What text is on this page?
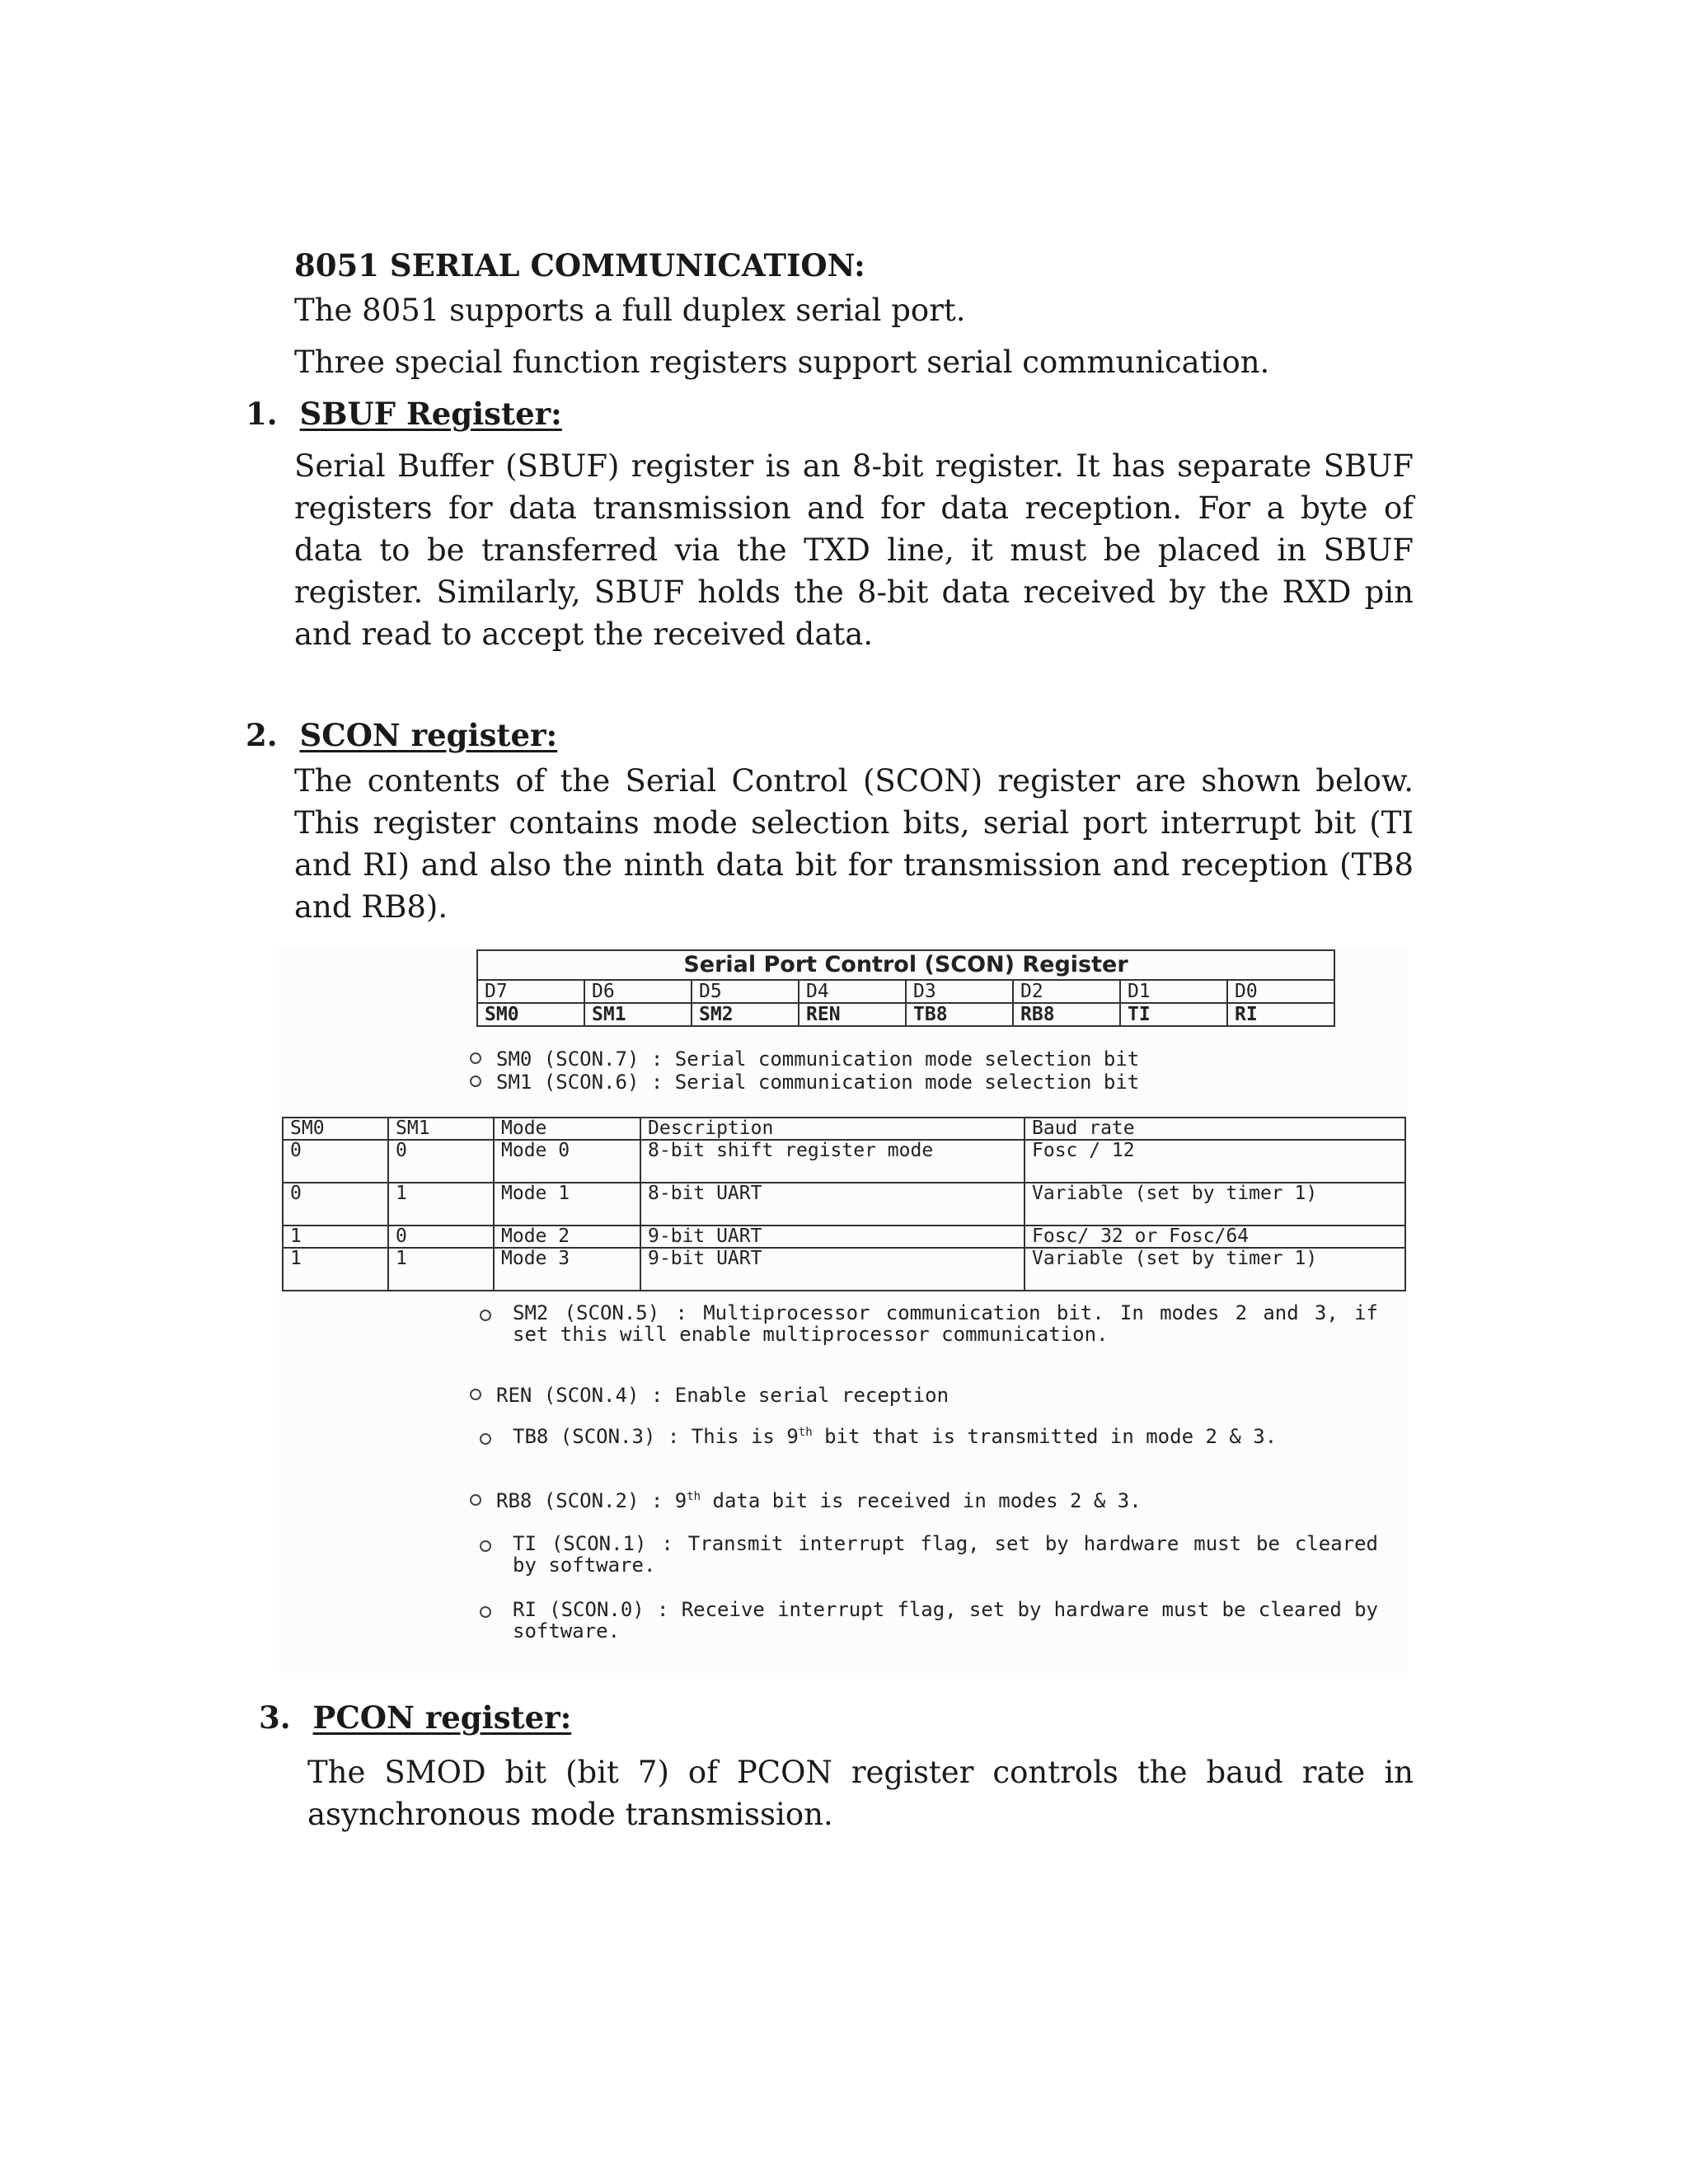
8051 SERIAL COMMUNICATION:
The 8051 supports a full duplex serial port.
Three special function registers support serial communication.
1. SBUF Register:
Serial Buffer (SBUF) register is an 8-bit register. It has separate SBUF registers for data transmission and for data reception. For a byte of data to be transferred via the TXD line, it must be placed in SBUF register. Similarly, SBUF holds the 8-bit data received by the RXD pin and read to accept the received data.
2. SCON register:
The contents of the Serial Control (SCON) register are shown below. This register contains mode selection bits, serial port interrupt bit (TI and RI) and also the ninth data bit for transmission and reception (TB8 and RB8).
Serial Port Control (SCON) Register
D7	D6	D5	D4	D3	D2	D1	D0
SM0	SM1	SM2	REN	TB8	RB8	TI	RI
SM0 (SCON.7) : Serial communication mode selection bit
SM1 (SCON.6) : Serial communication mode selection bit
SM0	SM1	Mode	Description	Baud rate
0	0	Mode 0	8-bit shift register mode	Fosc / 12
0	1	Mode 1	8-bit UART	Variable (set by timer 1)
1	0	Mode 2	9-bit UART	Fosc/ 32 or Fosc/64
1	1	Mode 3	9-bit UART	Variable (set by timer 1)
SM2 (SCON.5) : Multiprocessor communication bit. In modes 2 and 3, if set this will enable multiprocessor communication.
REN (SCON.4) : Enable serial reception
TB8 (SCON.3) : This is 9th bit that is transmitted in mode 2 & 3.
RB8 (SCON.2) : 9th data bit is received in modes 2 & 3.
TI (SCON.1) : Transmit interrupt flag, set by hardware must be cleared by software.
RI (SCON.0) : Receive interrupt flag, set by hardware must be cleared by software.
3. PCON register:
The SMOD bit (bit 7) of PCON register controls the baud rate in asynchronous mode transmission.
